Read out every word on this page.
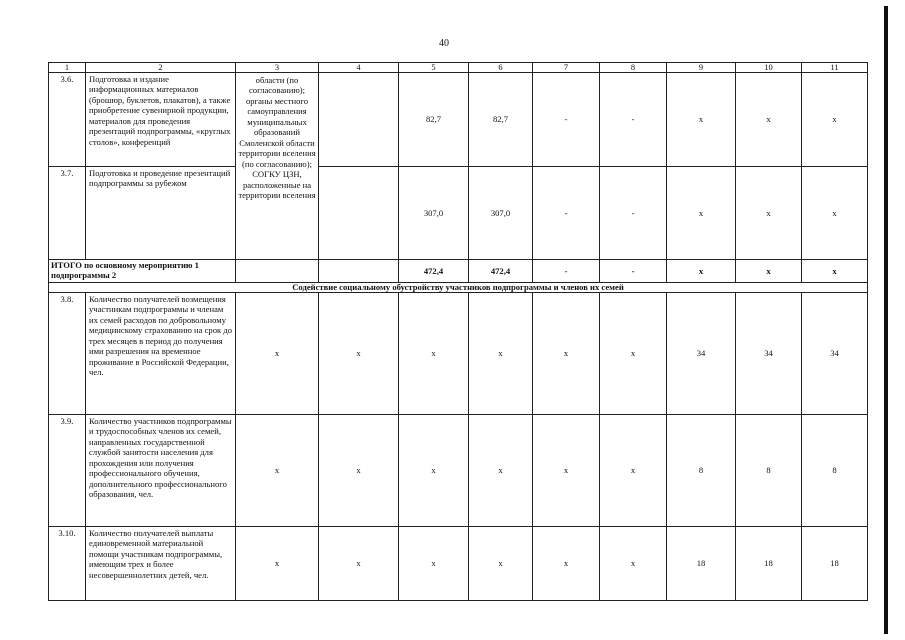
40
1	2	3	4	5	6	7	8	9	10	11
3.6.	Подготовка и издание информационных материалов (брошюр, буклетов, плакатов), а также приобретение сувенирной продукции, материалов для проведения презентаций подпрограммы, «круглых столов», конференций	области (по согласованию); органы местного самоуправления муниципальных образований Смоленской области территории вселения (по согласованию); СОГКУ ЦЗН, расположенные на территории вселения		82,7	82,7	-	-	x	x	x
3.7.	Подготовка и проведение презентаций подпрограммы за рубежом			307,0	307,0	-	-	x	x	x
ИТОГО по основному мероприятию 1 подпрограммы 2				472,4	472,4	-	-	x	x	x
Содействие социальному обустройству участников подпрограммы и членов их семей										
3.8.	Количество получателей возмещения участникам подпрограммы и членам их семей расходов по добровольному медицинскому страхованию на срок до трех месяцев в период до получения ими разрешения на временное проживание в Российской Федерации, чел.	x	x	x	x	x	x	34	34	34
3.9.	Количество участников подпрограммы и трудоспособных членов их семей, направленных государственной службой занятости населения для прохождения или получения профессионального обучения, дополнительного профессионального образования, чел.	x	x	x	x	x	x	8	8	8
3.10.	Количество получателей выплаты единовременной материальной помощи участникам подпрограммы, имеющим трех и более несовершеннолетних детей, чел.	x	x	x	x	x	x	18	18	18
